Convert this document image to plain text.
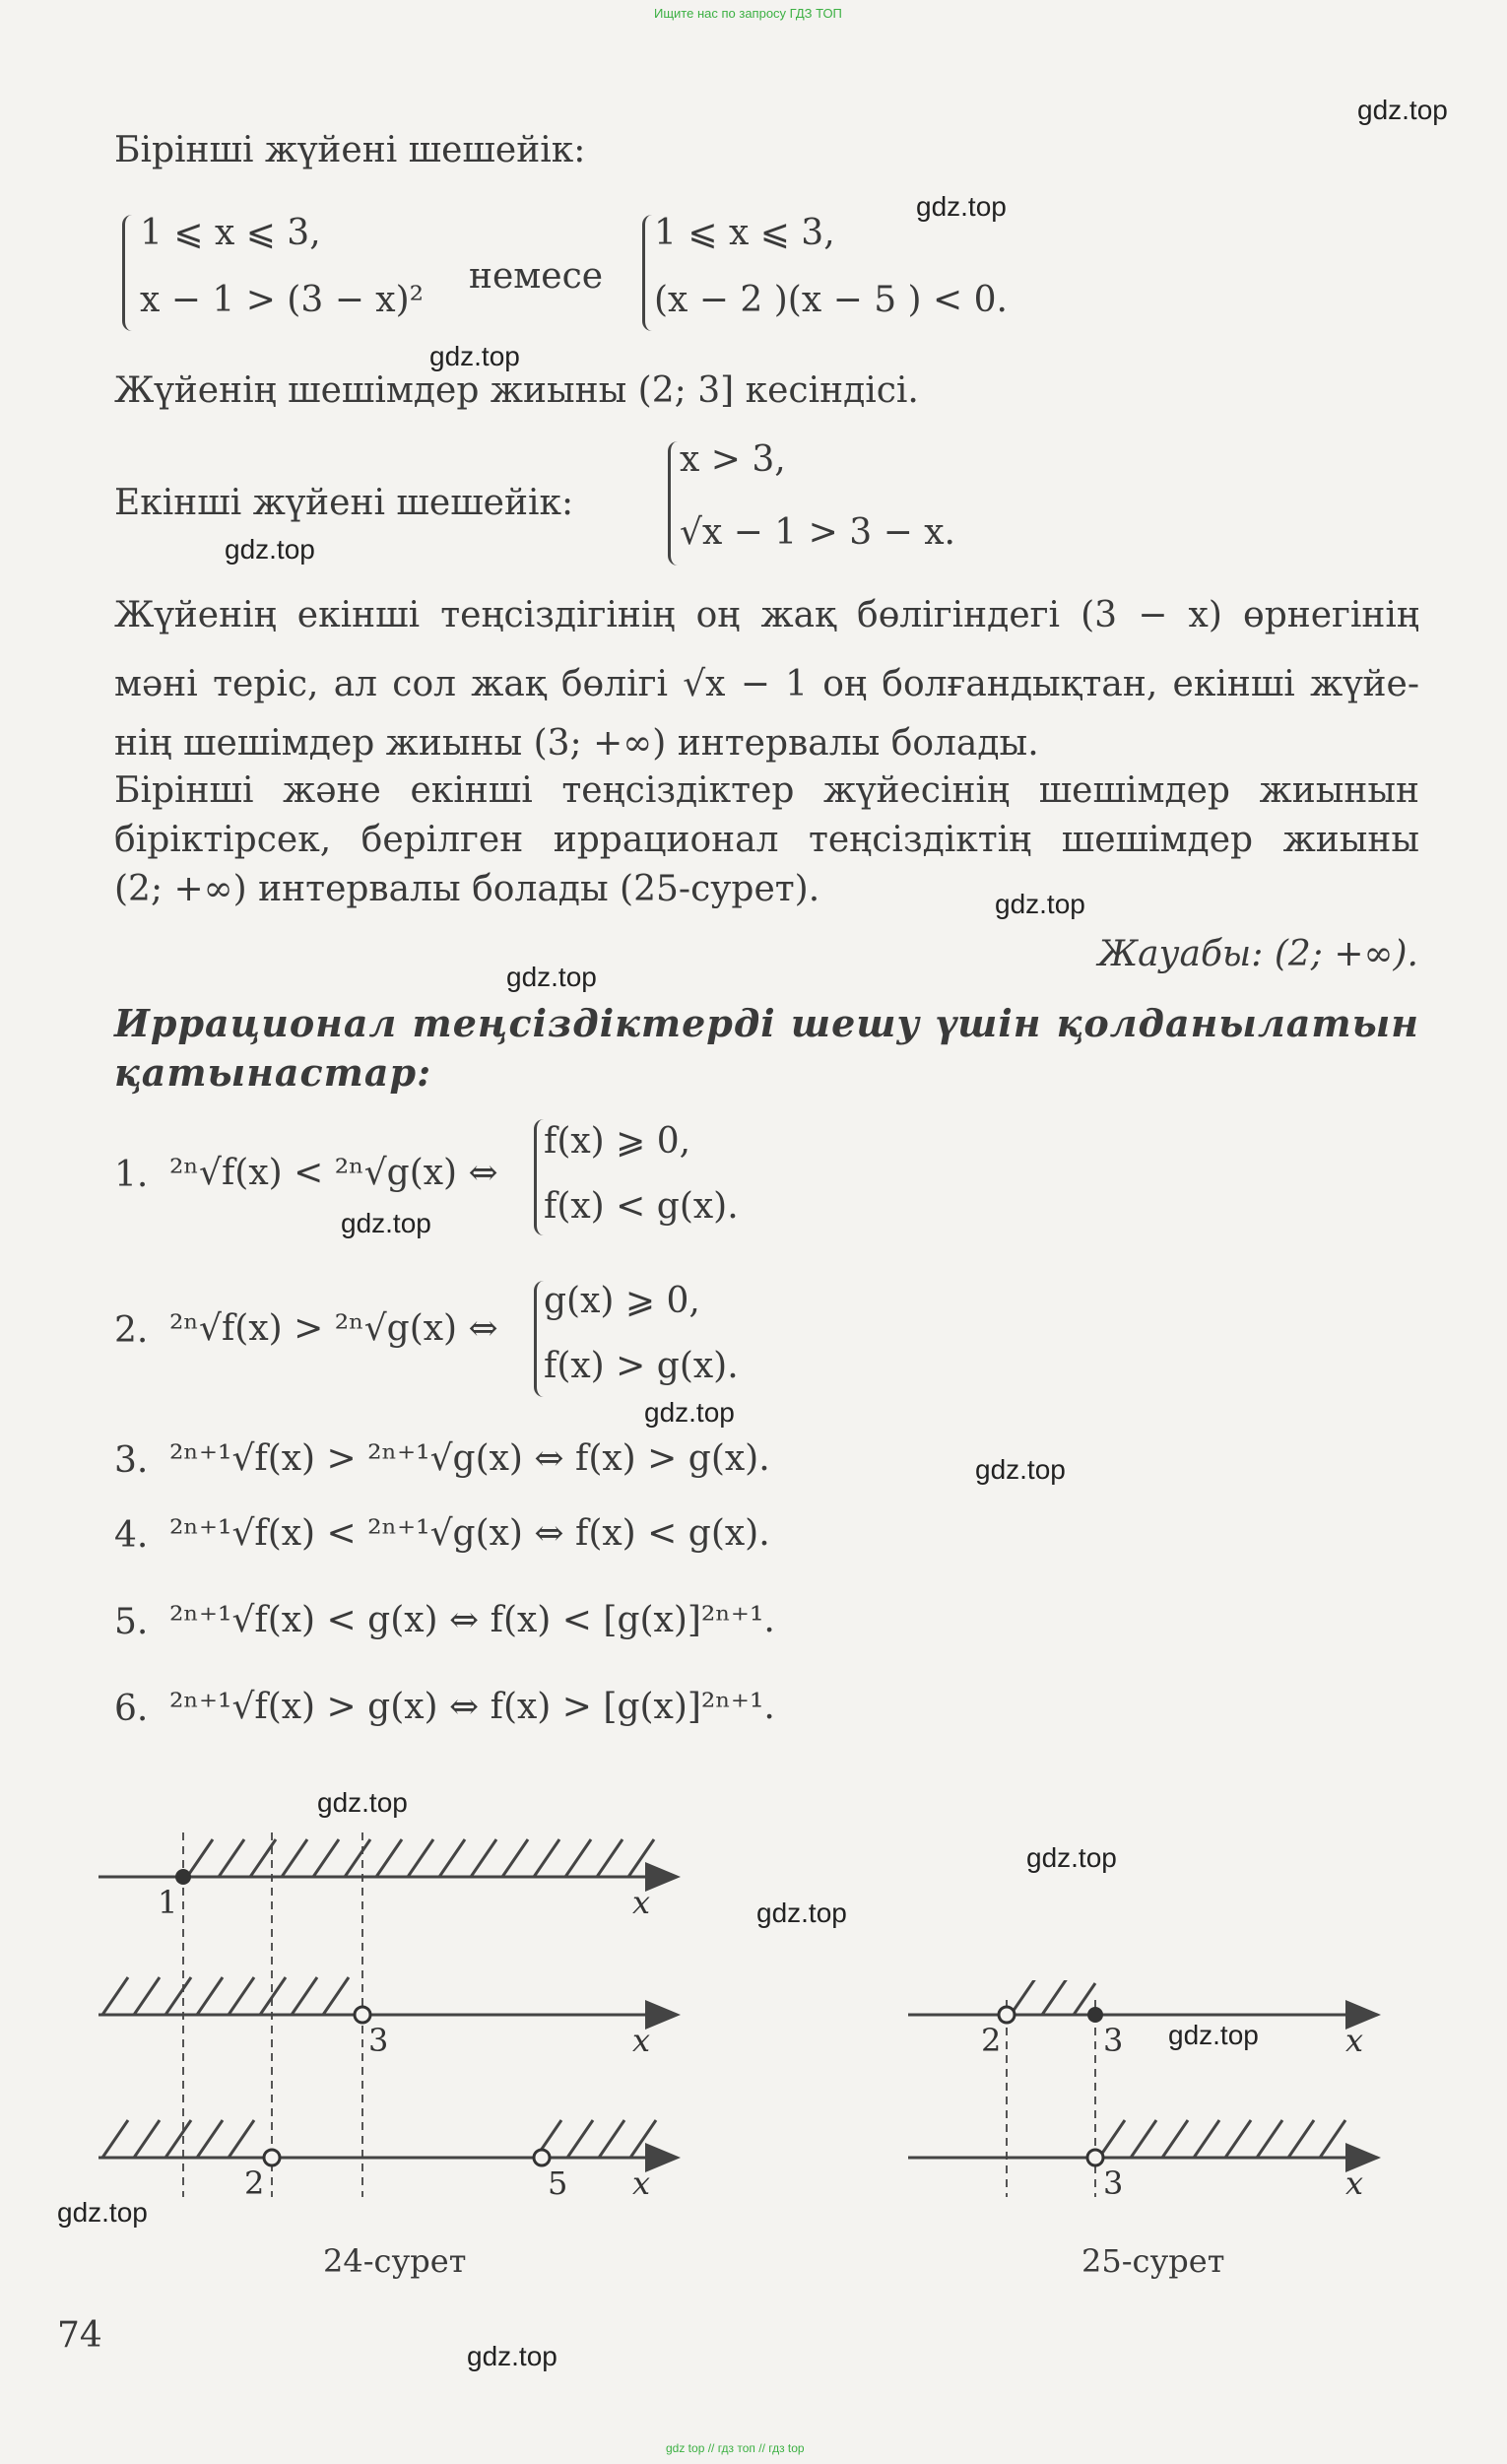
Ищите нас по запросу ГДЗ ТОП
gdz.top
gdz.top
gdz.top
gdz.top
gdz.top
gdz.top
gdz.top
gdz.top
gdz.top
gdz.top
gdz.top
gdz.top
gdz.top
gdz.top
gdz.top
Бірінші жүйені шешейік:
1 ⩽ x ⩽ 3,
x − 1 > (3 − x)²
немесе
1 ⩽ x ⩽ 3,
(x − 2 )(x − 5 ) < 0.
Жүйенің шешімдер жиыны (2; 3] кесіндісі.
Екінші жүйені шешейік:
x > 3,
√x − 1 > 3 − x.
Жүйенің екінші теңсіздігінің оң жақ бөлігіндегі (3 − x) өрнегінің
мәні теріс, ал сол жақ бөлігі √x − 1 оң болғандықтан, екінші жүйе-
нің шешімдер жиыны (3; +∞) интервалы болады.
Бірінші және екінші теңсіздіктер жүйесінің шешімдер жиынын
біріктірсек, берілген иррационал теңсіздіктің шешімдер жиыны
(2; +∞) интервалы болады (25-сурет).
Жауабы: (2; +∞).
Иррационал теңсіздіктерді шешу үшін қолданылатын
қатынастар:
1. ²ⁿ√f(x) < ²ⁿ√g(x) ⇔
f(x) ⩾ 0,
f(x) < g(x).
2. ²ⁿ√f(x) > ²ⁿ√g(x) ⇔
g(x) ⩾ 0,
f(x) > g(x).
3. ²ⁿ⁺¹√f(x) > ²ⁿ⁺¹√g(x) ⇔ f(x) > g(x).
4. ²ⁿ⁺¹√f(x) < ²ⁿ⁺¹√g(x) ⇔ f(x) < g(x).
5. ²ⁿ⁺¹√f(x) < g(x) ⇔ f(x) < [g(x)]²ⁿ⁺¹.
6. ²ⁿ⁺¹√f(x) > g(x) ⇔ f(x) > [g(x)]²ⁿ⁺¹.
1	x
3	x
2	5 x
24-сурет
2	3	x
3	x
25-сурет
74
gdz top // гдз топ // гдз top
